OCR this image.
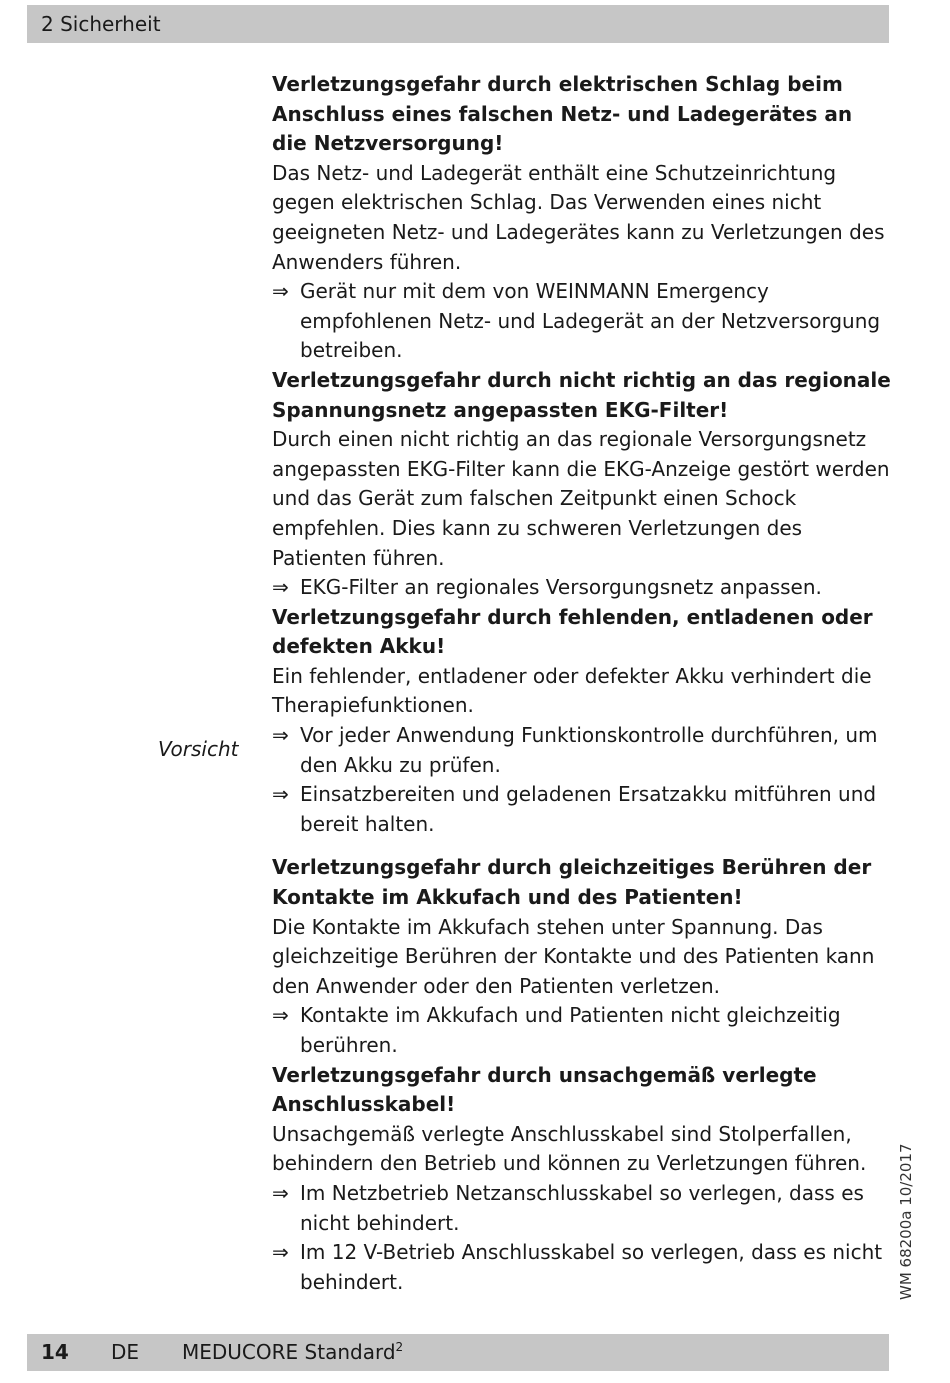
2 Sicherheit

Verletzungsgefahr durch elektrischen Schlag beim Anschluss eines falschen Netz- und Ladegerätes an die Netzversorgung!

Das Netz- und Ladegerät enthält eine Schutzeinrichtung gegen elektrischen Schlag. Das Verwenden eines nicht geeigneten Netz- und Ladegerätes kann zu Verletzungen des Anwenders führen.

⇒ Gerät nur mit dem von WEINMANN Emergency empfohlenen Netz- und Ladegerät an der Netzversorgung betreiben.

Verletzungsgefahr durch nicht richtig an das regionale Spannungsnetz angepassten EKG-Filter!

Durch einen nicht richtig an das regionale Versorgungsnetz angepassten EKG-Filter kann die EKG-Anzeige gestört werden und das Gerät zum falschen Zeitpunkt einen Schock empfehlen. Dies kann zu schweren Verletzungen des Patienten führen.

⇒ EKG-Filter an regionales Versorgungsnetz anpassen.

Verletzungsgefahr durch fehlenden, entladenen oder defekten Akku!

Ein fehlender, entladener oder defekter Akku verhindert die Therapiefunktionen.

⇒ Vor jeder Anwendung Funktionskontrolle durchführen, um den Akku zu prüfen.

⇒ Einsatzbereiten und geladenen Ersatzakku mitführen und bereit halten.

Verletzungsgefahr durch gleichzeitiges Berühren der Kontakte im Akkufach und des Patienten!

Die Kontakte im Akkufach stehen unter Spannung. Das gleichzeitige Berühren der Kontakte und des Patienten kann den Anwender oder den Patienten verletzen.

⇒ Kontakte im Akkufach und Patienten nicht gleichzeitig berühren.

Verletzungsgefahr durch unsachgemäß verlegte Anschlusskabel!

Unsachgemäß verlegte Anschlusskabel sind Stolperfallen, behindern den Betrieb und können zu Verletzungen führen.

⇒ Im Netzbetrieb Netzanschlusskabel so verlegen, dass es nicht behindert.

⇒ Im 12 V-Betrieb Anschlusskabel so verlegen, dass es nicht behindert.

Vorsicht
WM 68200a 10/2017
14 DE MEDUCORE Standard$^2$
